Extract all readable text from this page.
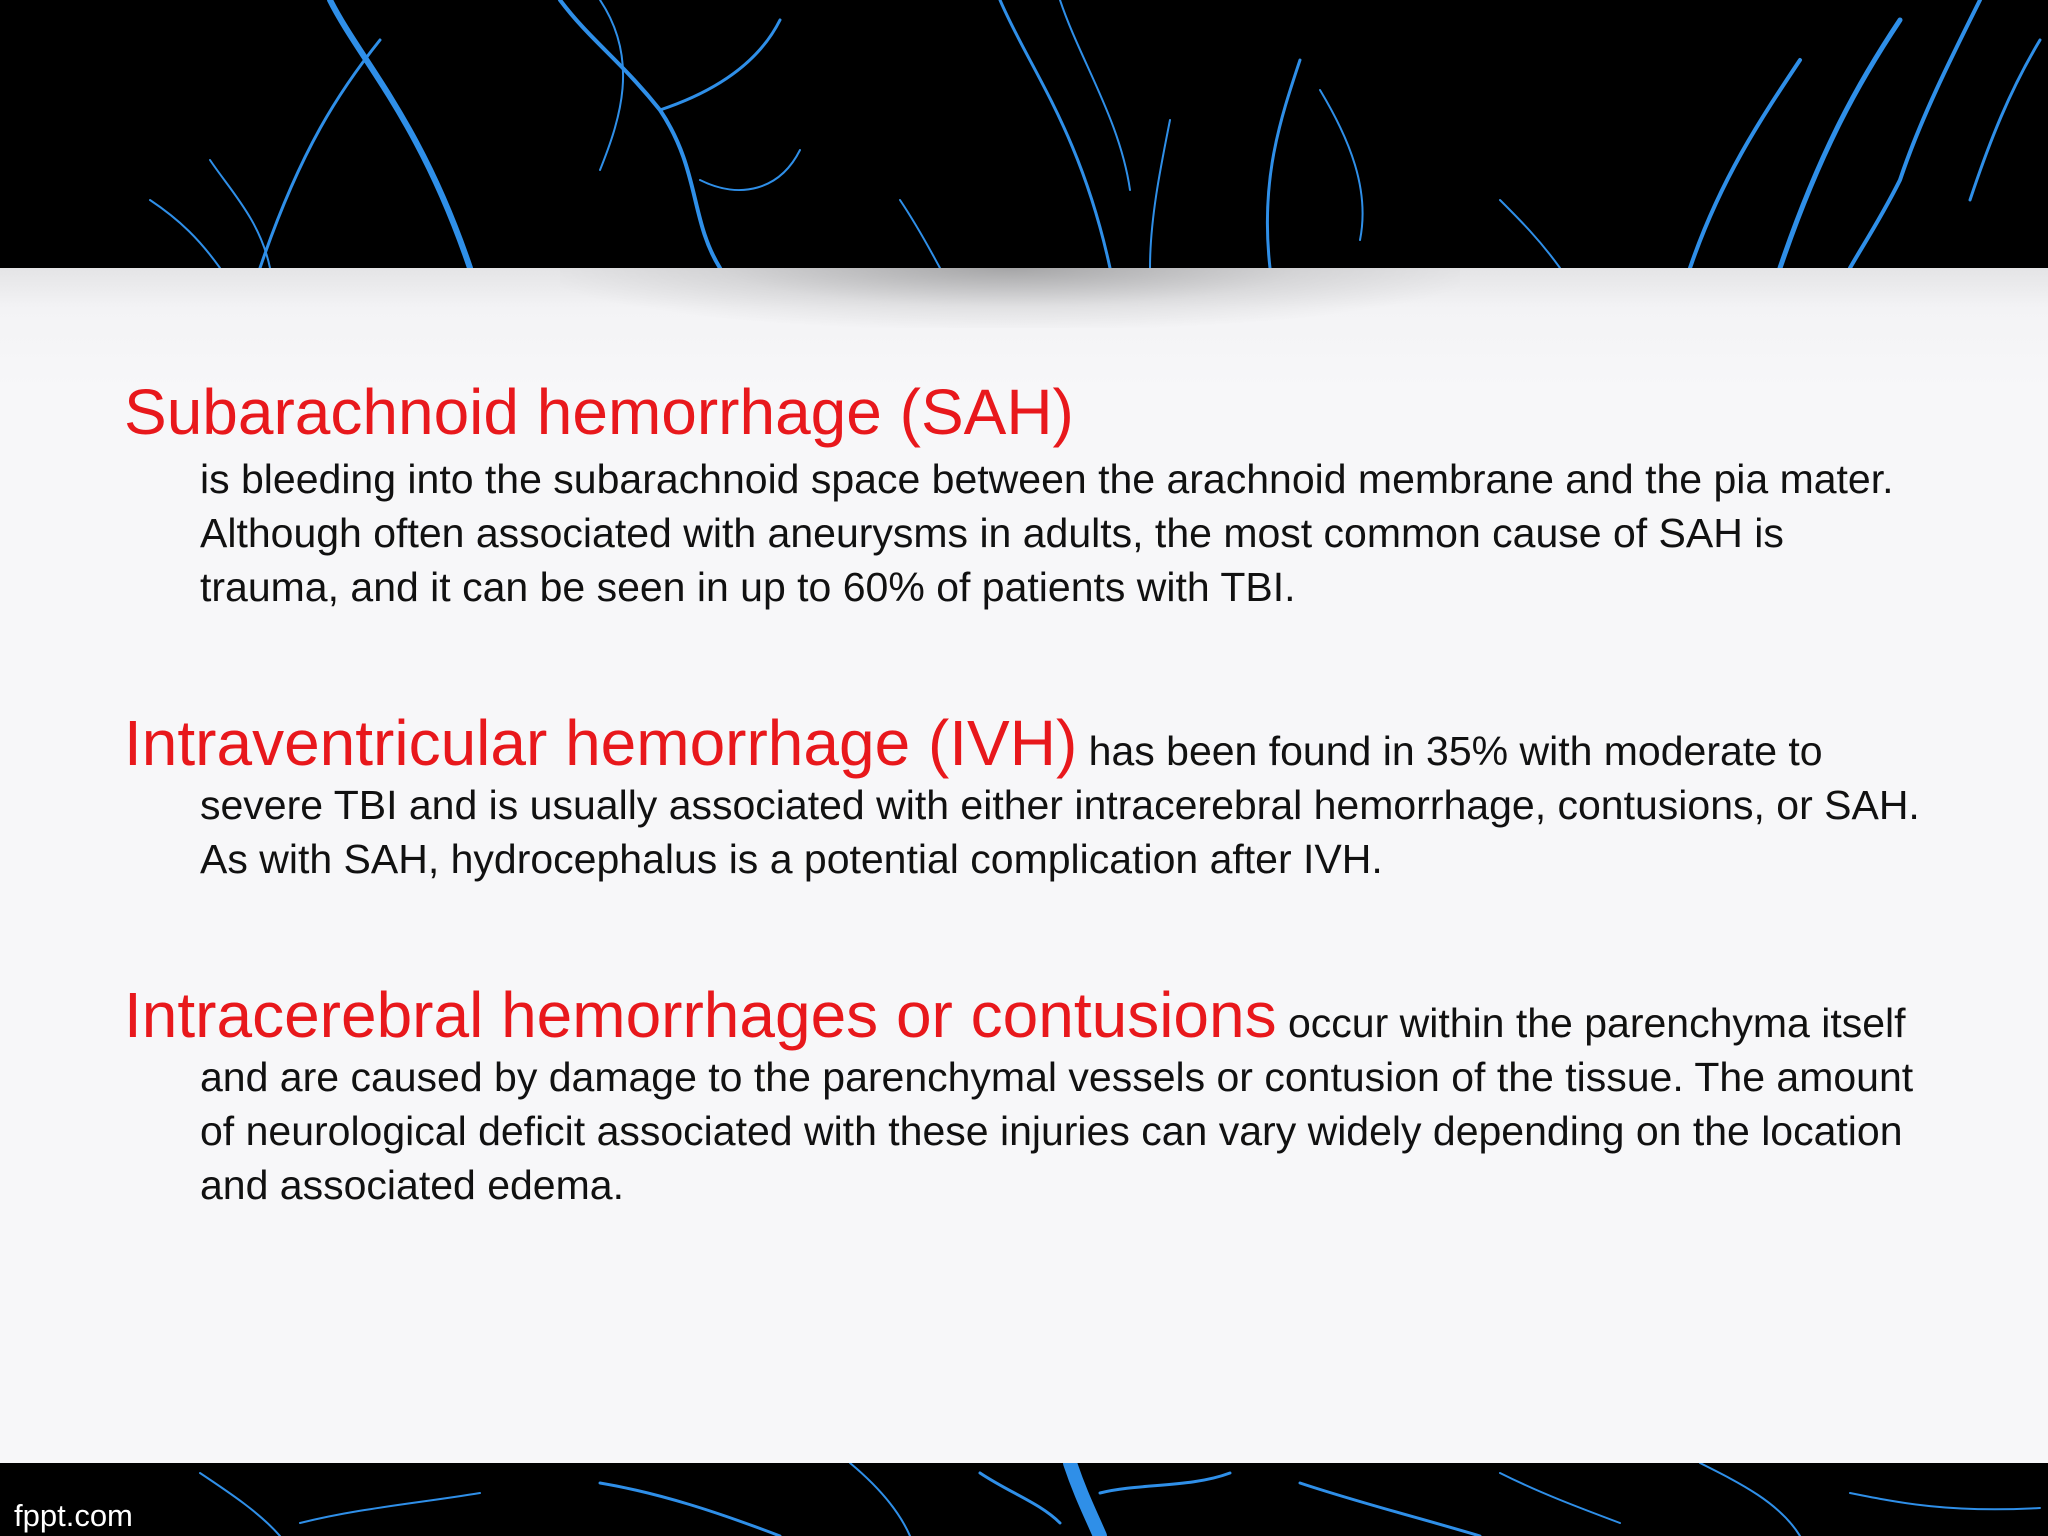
Subarachnoid hemorrhage (SAH)
is bleeding into the subarachnoid space between the arachnoid membrane and the pia mater. Although often associated with aneurysms in adults, the most common cause of SAH is trauma, and it can be seen in up to 60% of patients with TBI.

Intraventricular hemorrhage (IVH) has been found in 35% with moderate to severe TBI and is usually associated with either intracerebral hemorrhage, contusions, or SAH. As with SAH, hydrocephalus is a potential complication after IVH.

Intracerebral hemorrhages or contusions occur within the parenchyma itself and are caused by damage to the parenchymal vessels or contusion of the tissue. The amount of neurological deficit associated with these injuries can vary widely depending on the location and associated edema.

fppt.com
